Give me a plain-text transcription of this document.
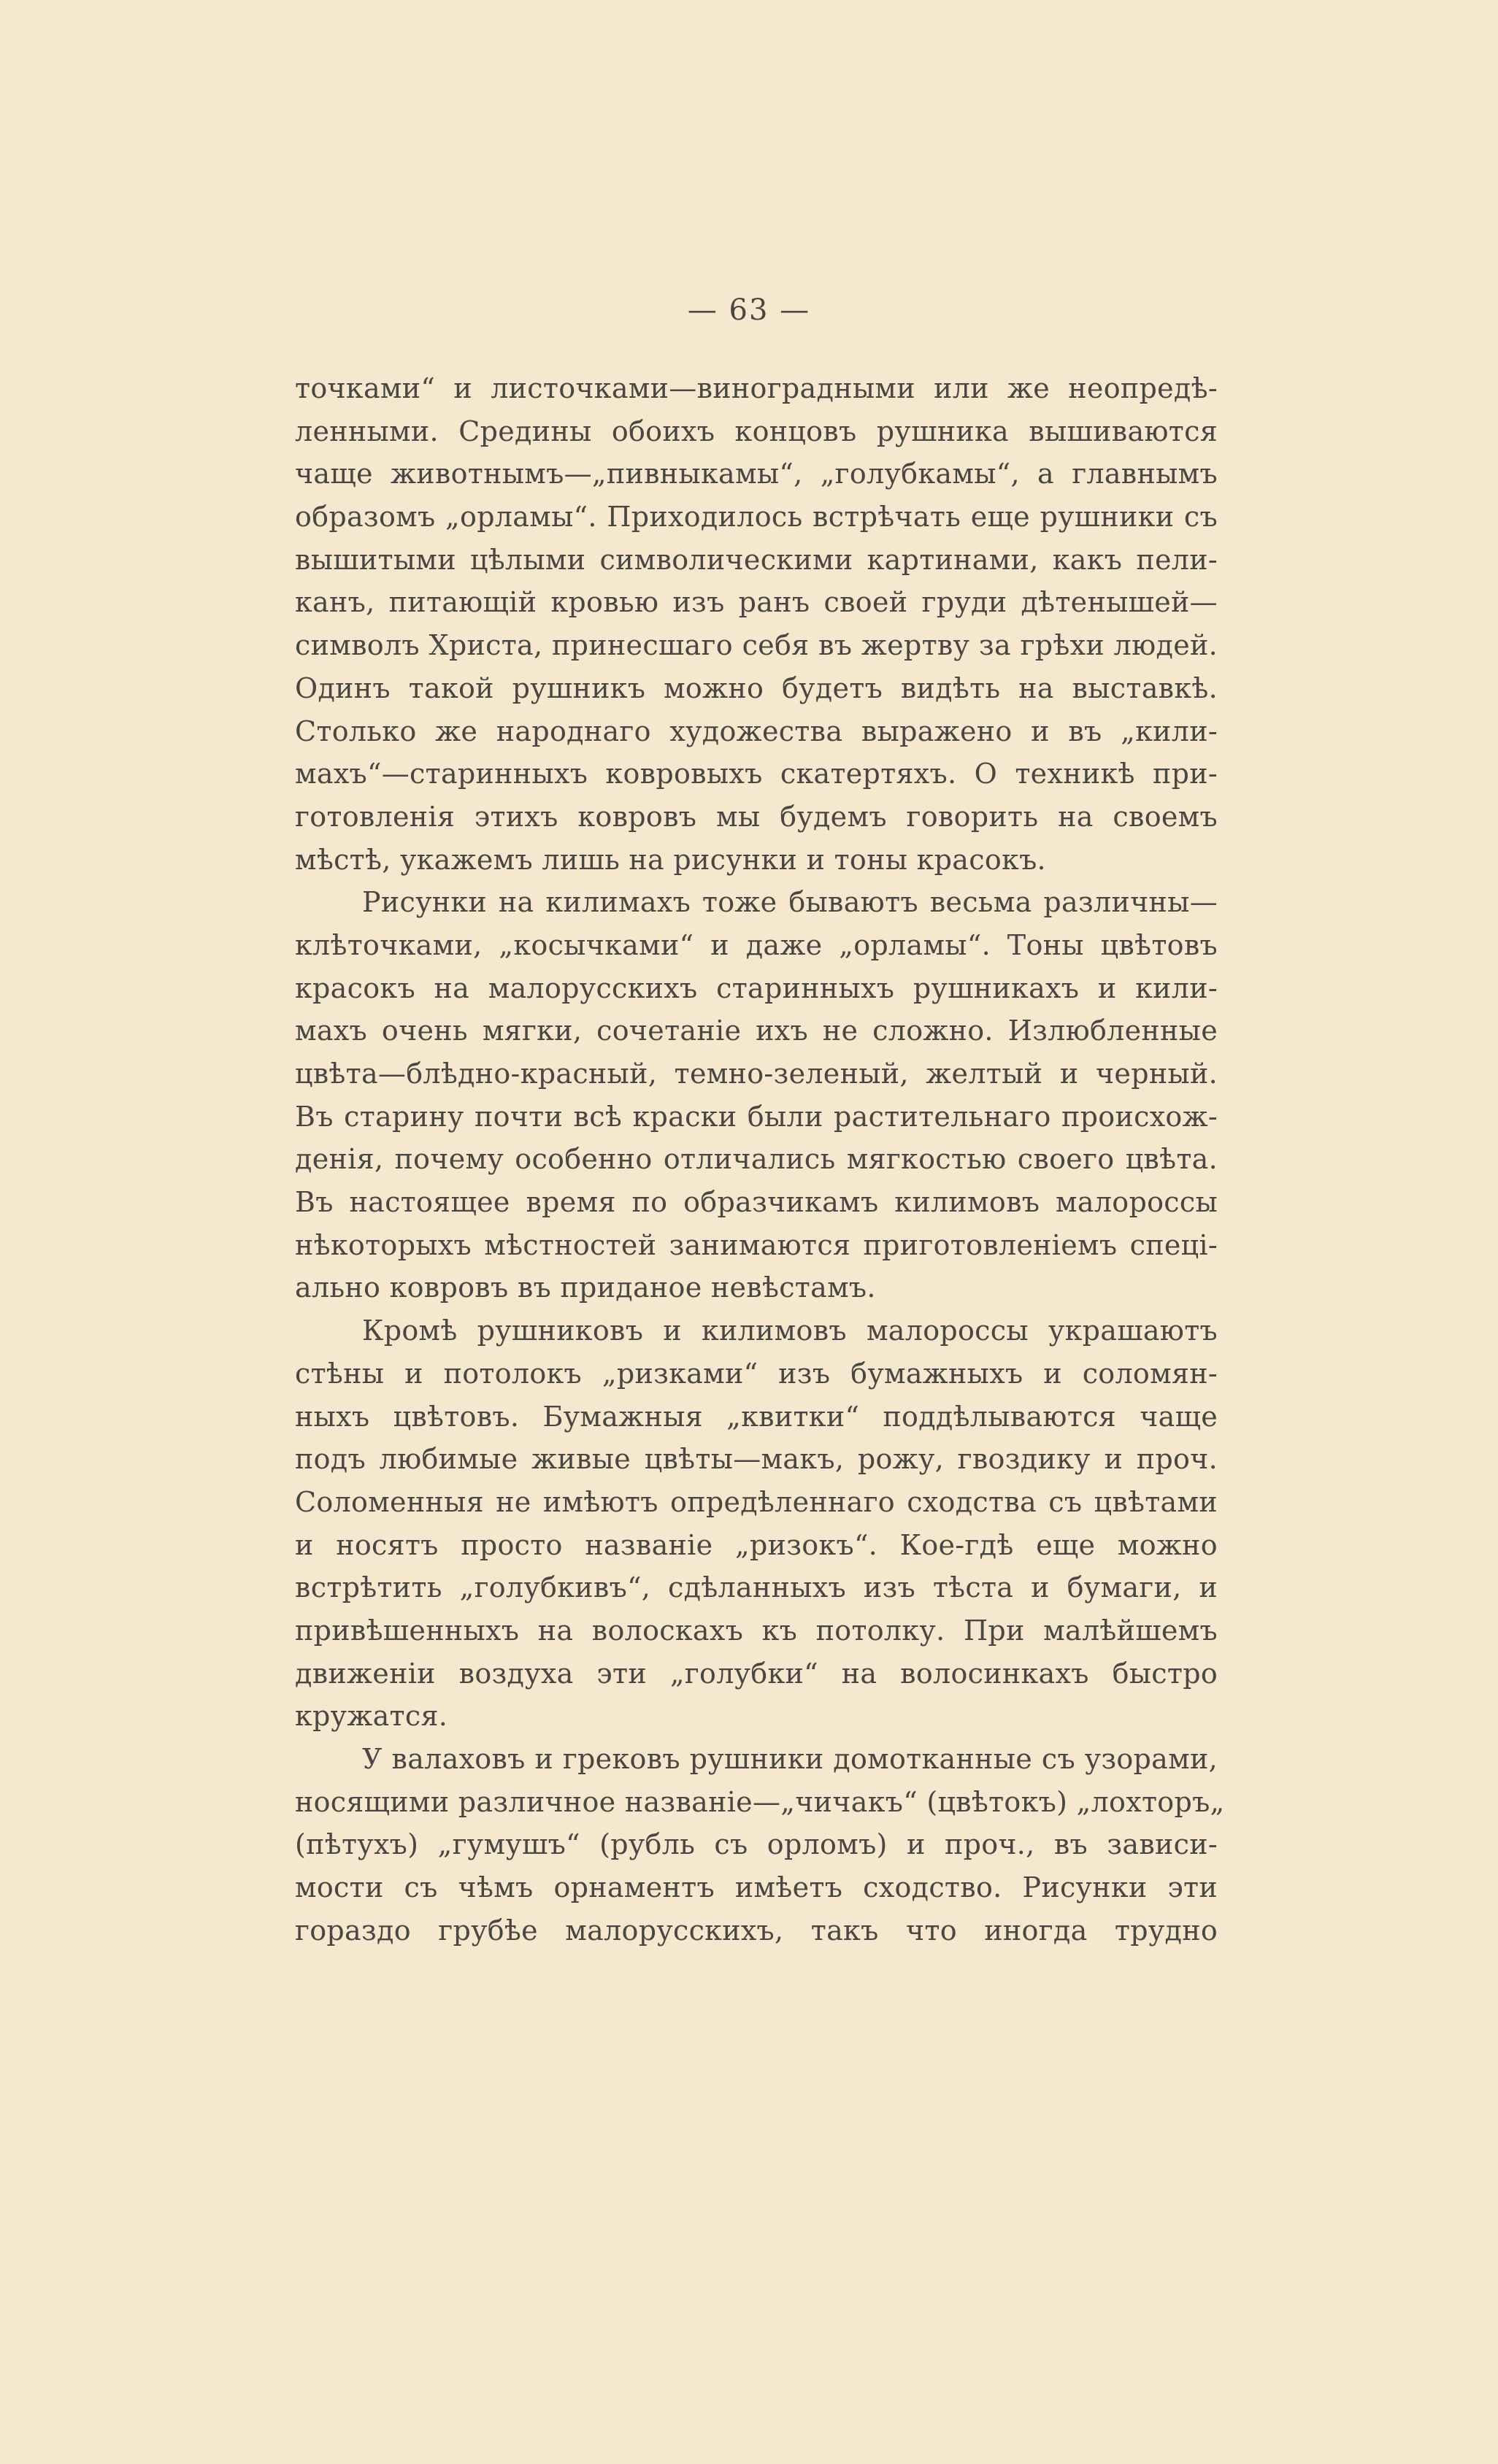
— 63 —
точками“ и листочками—виноградными или же неопредѣ-
ленными. Средины обоихъ концовъ рушника вышиваются
чаще животнымъ—„пивныкамы“, „голубкамы“, а главнымъ
образомъ „орламы“. Приходилось встрѣчать еще рушники съ
вышитыми цѣлыми символическими картинами, какъ пели-
канъ, питающій кровью изъ ранъ своей груди дѣтенышей—
символъ Христа, принесшаго себя въ жертву за грѣхи людей.
Одинъ такой рушникъ можно будетъ видѣть на выставкѣ.
Столько же народнаго художества выражено и въ „кили-
махъ“—старинныхъ ковровыхъ скатертяхъ. О техникѣ при-
готовленія этихъ ковровъ мы будемъ говорить на своемъ
мѣстѣ, укажемъ лишь на рисунки и тоны красокъ.
Рисунки на килимахъ тоже бываютъ весьма различны—
клѣточками, „косычками“ и даже „орламы“. Тоны цвѣтовъ
красокъ на малорусскихъ старинныхъ рушникахъ и кили-
махъ очень мягки, сочетаніе ихъ не сложно. Излюбленные
цвѣта—блѣдно-красный, темно-зеленый, желтый и черный.
Въ старину почти всѣ краски были растительнаго происхож-
денія, почему особенно отличались мягкостью своего цвѣта.
Въ настоящее время по образчикамъ килимовъ малороссы
нѣкоторыхъ мѣстностей занимаются приготовленіемъ спеці-
ально ковровъ въ приданое невѣстамъ.
Кромѣ рушниковъ и килимовъ малороссы украшаютъ
стѣны и потолокъ „ризками“ изъ бумажныхъ и соломян-
ныхъ цвѣтовъ. Бумажныя „квитки“ поддѣлываются чаще
подъ любимые живые цвѣты—макъ, рожу, гвоздику и проч.
Соломенныя не имѣютъ опредѣленнаго сходства съ цвѣтами
и носятъ просто названіе „ризокъ“. Кое-гдѣ еще можно
встрѣтить „голубкивъ“, сдѣланныхъ изъ тѣста и бумаги, и
привѣшенныхъ на волоскахъ къ потолку. При малѣйшемъ
движеніи воздуха эти „голубки“ на волосинкахъ быстро
кружатся.
У валаховъ и грековъ рушники домотканные съ узорами,
носящими различное названіе—„чичакъ“ (цвѣтокъ) „лохторъ„
(пѣтухъ) „гумушъ“ (рубль съ орломъ) и проч., въ зависи-
мости съ чѣмъ орнаментъ имѣетъ сходство. Рисунки эти
гораздо грубѣе малорусскихъ, такъ что иногда трудно
